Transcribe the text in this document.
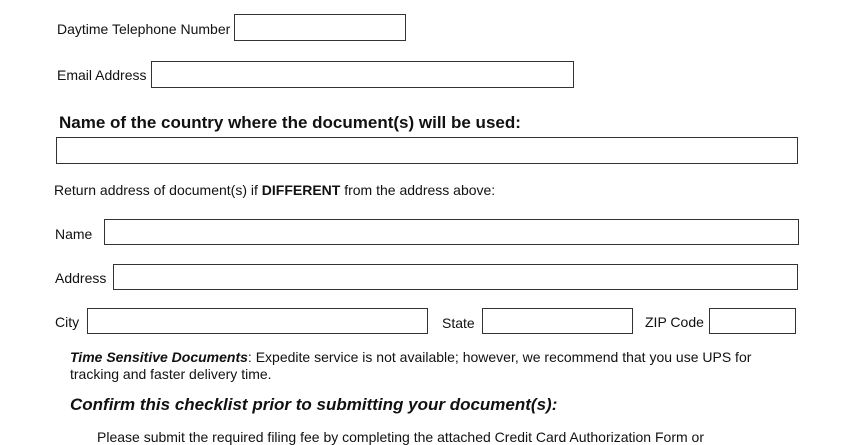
Daytime Telephone Number
Email Address
Name of the country where the document(s) will be used:
Return address of document(s) if DIFFERENT from the address above:
Name
Address
City	State	ZIP Code
Time Sensitive Documents: Expedite service is not available; however, we recommend that you use UPS for tracking and faster delivery time.
Confirm this checklist prior to submitting your document(s):
Please submit the required filing fee by completing the attached Credit Card Authorization Form or
